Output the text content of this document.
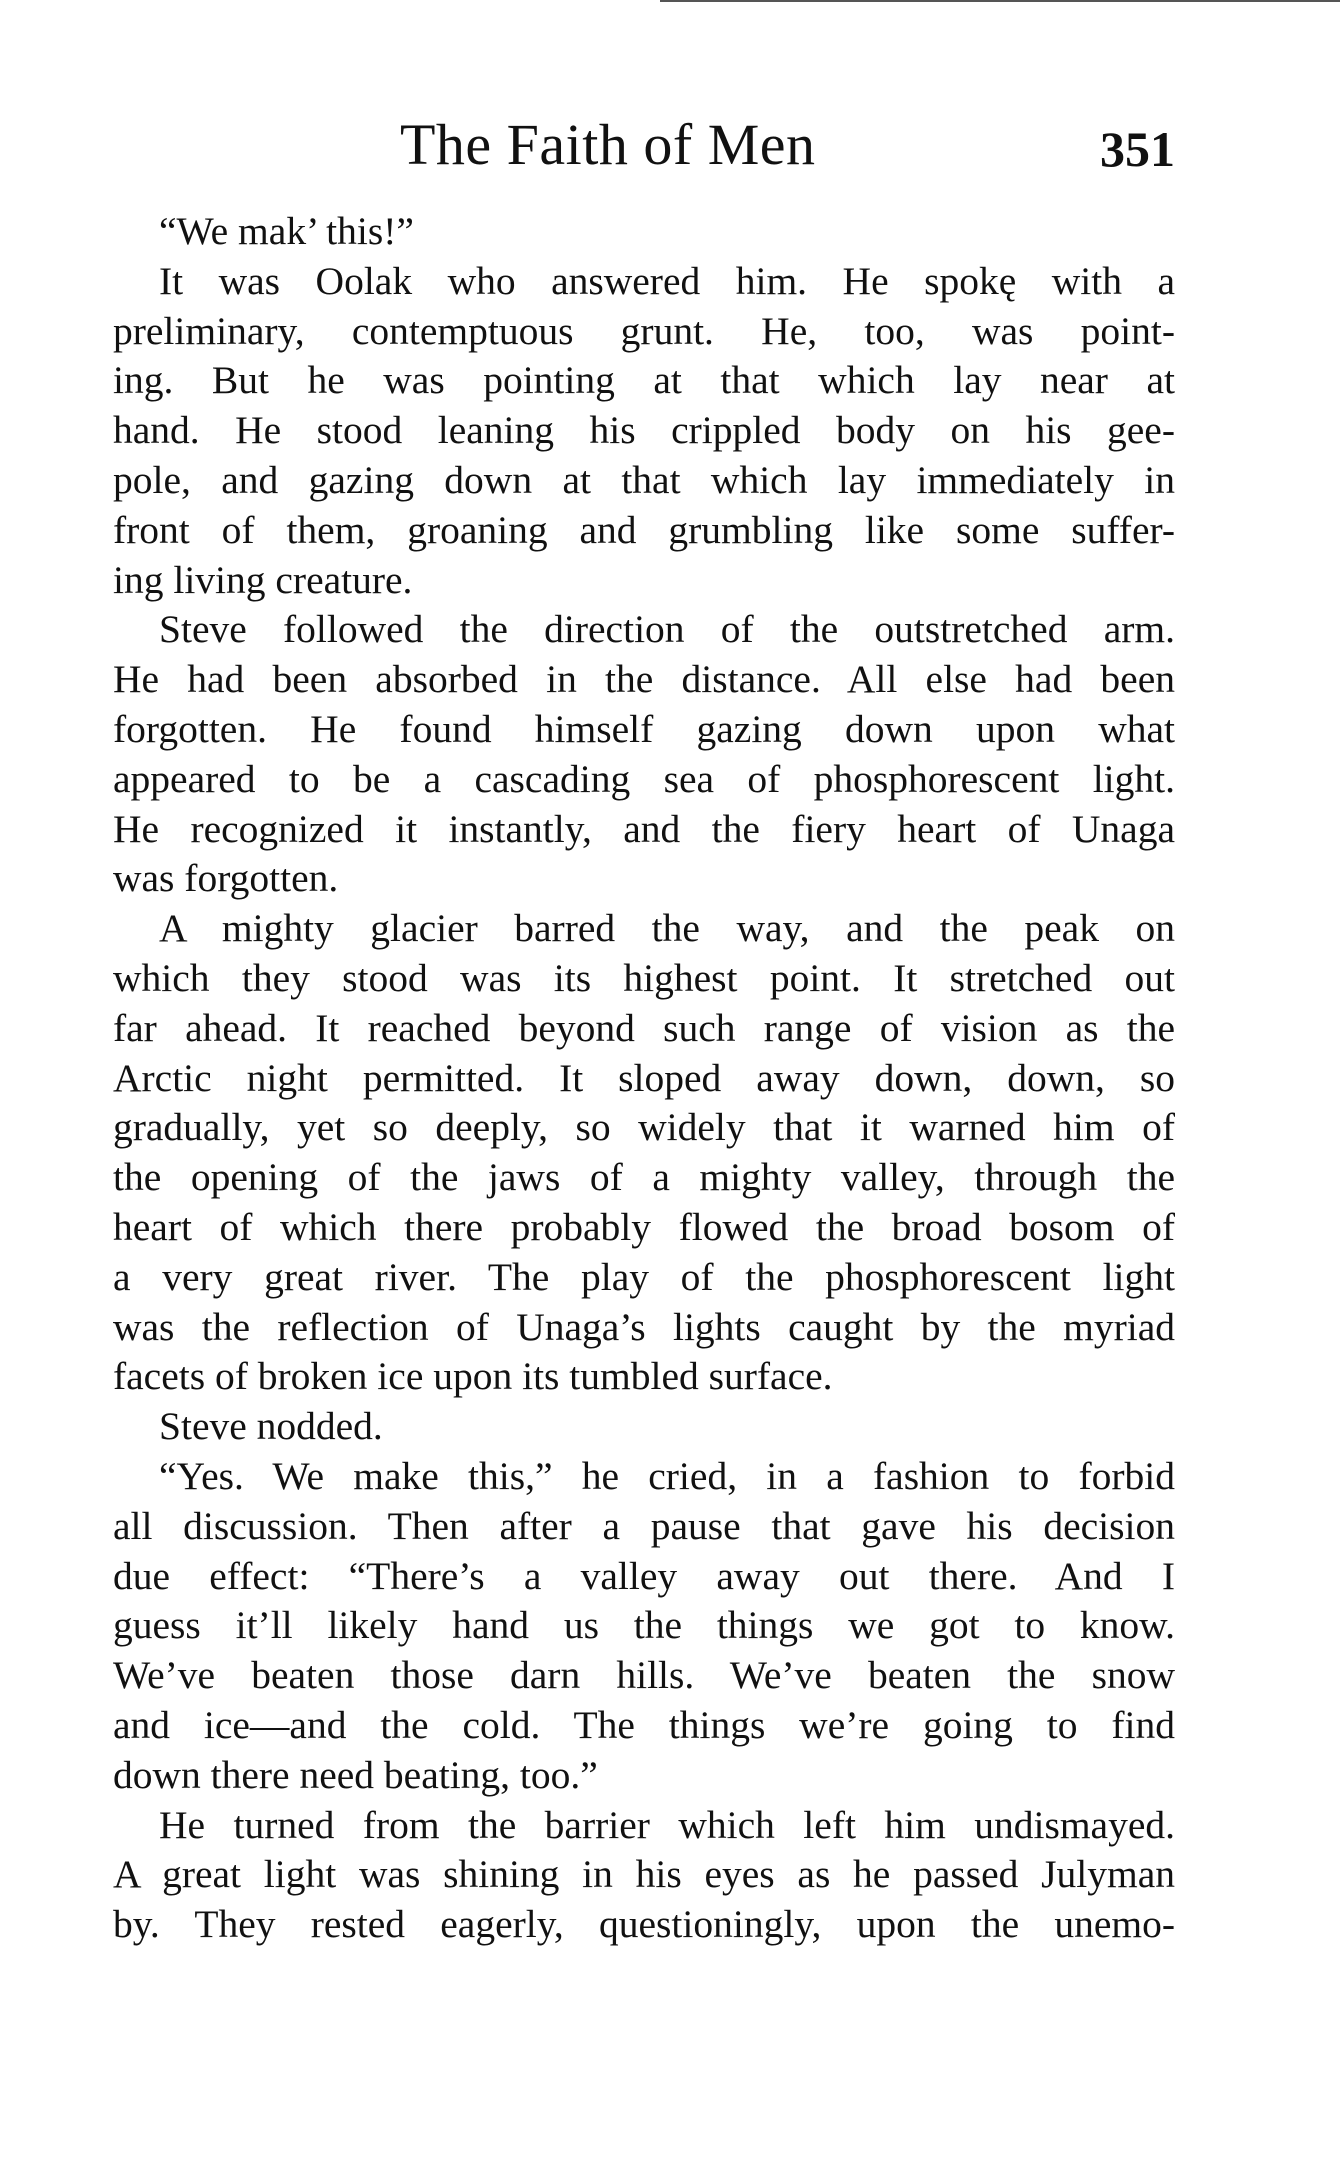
The Faith of Men	351
“We mak’ this!”
It was Oolak who answered him. He spokę with a
preliminary, contemptuous grunt. He, too, was point-
ing. But he was pointing at that which lay near at
hand. He stood leaning his crippled body on his gee-
pole, and gazing down at that which lay immediately in
front of them, groaning and grumbling like some suffer-
ing living creature.
Steve followed the direction of the outstretched arm.
He had been absorbed in the distance. All else had been
forgotten. He found himself gazing down upon what
appeared to be a cascading sea of phosphorescent light.
He recognized it instantly, and the fiery heart of Unaga
was forgotten.
A mighty glacier barred the way, and the peak on
which they stood was its highest point. It stretched out
far ahead. It reached beyond such range of vision as the
Arctic night permitted. It sloped away down, down, so
gradually, yet so deeply, so widely that it warned him of
the opening of the jaws of a mighty valley, through the
heart of which there probably flowed the broad bosom of
a very great river. The play of the phosphorescent light
was the reflection of Unaga’s lights caught by the myriad
facets of broken ice upon its tumbled surface.
Steve nodded.
“Yes. We make this,” he cried, in a fashion to forbid
all discussion. Then after a pause that gave his decision
due effect: “There’s a valley away out there. And I
guess it’ll likely hand us the things we got to know.
We’ve beaten those darn hills. We’ve beaten the snow
and ice—and the cold. The things we’re going to find
down there need beating, too.”
He turned from the barrier which left him undismayed.
A great light was shining in his eyes as he passed Julyman
by. They rested eagerly, questioningly, upon the unemo-
